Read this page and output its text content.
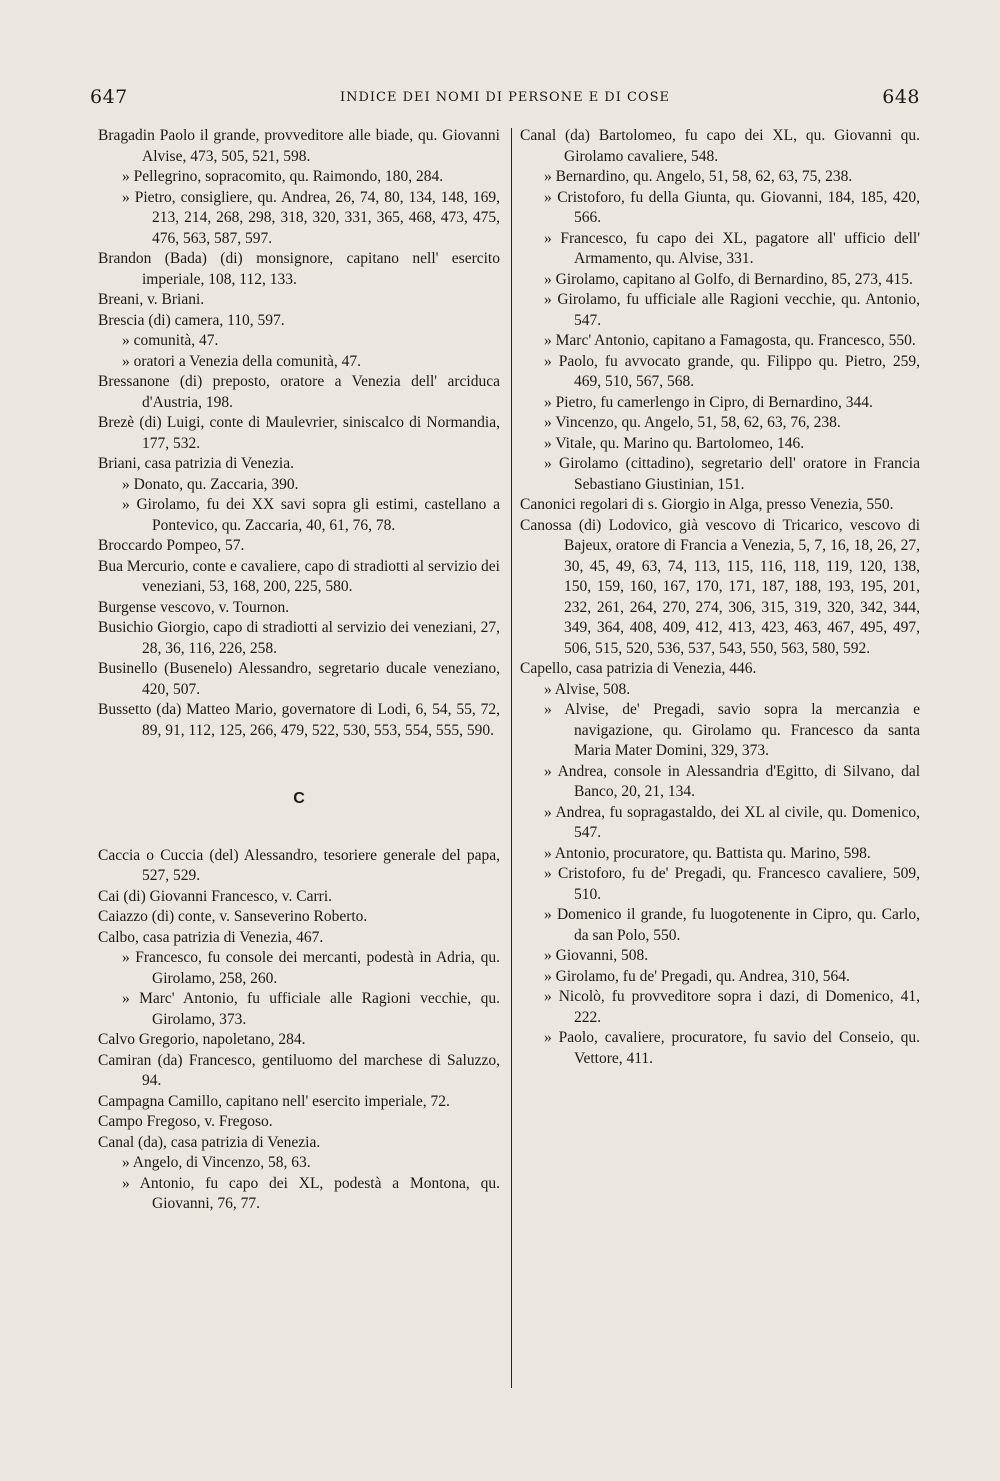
647	INDICE DEI NOMI DI PERSONE E DI COSE	648
Bragadin Paolo il grande, provveditore alle biade, qu. Giovanni Alvise, 473, 505, 521, 598.
» Pellegrino, sopracomito, qu. Raimondo, 180, 284.
» Pietro, consigliere, qu. Andrea, 26, 74, 80, 134, 148, 169, 213, 214, 268, 298, 318, 320, 331, 365, 468, 473, 475, 476, 563, 587, 597.
Brandon (Bada) (di) monsignore, capitano nell' esercito imperiale, 108, 112, 133.
Breani, v. Briani.
Brescia (di) camera, 110, 597.
» comunità, 47.
» oratori a Venezia della comunità, 47.
Bressanone (di) preposto, oratore a Venezia dell' arciduca d'Austria, 198.
Brezè (di) Luigi, conte di Maulevrier, siniscalco di Normandia, 177, 532.
Briani, casa patrizia di Venezia.
» Donato, qu. Zaccaria, 390.
» Girolamo, fu dei XX savi sopra gli estimi, castellano a Pontevico, qu. Zaccaria, 40, 61, 76, 78.
Broccardo Pompeo, 57.
Bua Mercurio, conte e cavaliere, capo di stradiotti al servizio dei veneziani, 53, 168, 200, 225, 580.
Burgense vescovo, v. Tournon.
Busichio Giorgio, capo di stradiotti al servizio dei veneziani, 27, 28, 36, 116, 226, 258.
Businello (Busenelo) Alessandro, segretario ducale veneziano, 420, 507.
Bussetto (da) Matteo Mario, governatore di Lodi, 6, 54, 55, 72, 89, 91, 112, 125, 266, 479, 522, 530, 553, 554, 555, 590.
C
Caccia o Cuccia (del) Alessandro, tesoriere generale del papa, 527, 529.
Cai (di) Giovanni Francesco, v. Carri.
Caiazzo (di) conte, v. Sanseverino Roberto.
Calbo, casa patrizia di Venezia, 467.
» Francesco, fu console dei mercanti, podestà in Adria, qu. Girolamo, 258, 260.
» Marc' Antonio, fu ufficiale alle Ragioni vecchie, qu. Girolamo, 373.
Calvo Gregorio, napoletano, 284.
Camiran (da) Francesco, gentiluomo del marchese di Saluzzo, 94.
Campagna Camillo, capitano nell' esercito imperiale, 72.
Campo Fregoso, v. Fregoso.
Canal (da), casa patrizia di Venezia.
» Angelo, di Vincenzo, 58, 63.
» Antonio, fu capo dei XL, podestà a Montona, qu. Giovanni, 76, 77.
Canal (da) Bartolomeo, fu capo dei XL, qu. Giovanni qu. Girolamo cavaliere, 548.
» Bernardino, qu. Angelo, 51, 58, 62, 63, 75, 238.
» Cristoforo, fu della Giunta, qu. Giovanni, 184, 185, 420, 566.
» Francesco, fu capo dei XL, pagatore all' ufficio dell' Armamento, qu. Alvise, 331.
» Girolamo, capitano al Golfo, di Bernardino, 85, 273, 415.
» Girolamo, fu ufficiale alle Ragioni vecchie, qu. Antonio, 547.
» Marc' Antonio, capitano a Famagosta, qu. Francesco, 550.
» Paolo, fu avvocato grande, qu. Filippo qu. Pietro, 259, 469, 510, 567, 568.
» Pietro, fu camerlengo in Cipro, di Bernardino, 344.
» Vincenzo, qu. Angelo, 51, 58, 62, 63, 76, 238.
» Vitale, qu. Marino qu. Bartolomeo, 146.
» Girolamo (cittadino), segretario dell' oratore in Francia Sebastiano Giustinian, 151.
Canonici regolari di s. Giorgio in Alga, presso Venezia, 550.
Canossa (di) Lodovico, già vescovo di Tricarico, vescovo di Bajeux, oratore di Francia a Venezia, 5, 7, 16, 18, 26, 27, 30, 45, 49, 63, 74, 113, 115, 116, 118, 119, 120, 138, 150, 159, 160, 167, 170, 171, 187, 188, 193, 195, 201, 232, 261, 264, 270, 274, 306, 315, 319, 320, 342, 344, 349, 364, 408, 409, 412, 413, 423, 463, 467, 495, 497, 506, 515, 520, 536, 537, 543, 550, 563, 580, 592.
Capello, casa patrizia di Venezia, 446.
» Alvise, 508.
» Alvise, de' Pregadi, savio sopra la mercanzia e navigazione, qu. Girolamo qu. Francesco da santa Maria Mater Domini, 329, 373.
» Andrea, console in Alessandria d'Egitto, di Silvano, dal Banco, 20, 21, 134.
» Andrea, fu sopragastaldo, dei XL al civile, qu. Domenico, 547.
» Antonio, procuratore, qu. Battista qu. Marino, 598.
» Cristoforo, fu de' Pregadi, qu. Francesco cavaliere, 509, 510.
» Domenico il grande, fu luogotenente in Cipro, qu. Carlo, da san Polo, 550.
» Giovanni, 508.
» Girolamo, fu de' Pregadi, qu. Andrea, 310, 564.
» Nicolò, fu provveditore sopra i dazi, di Domenico, 41, 222.
» Paolo, cavaliere, procuratore, fu savio del Conseio, qu. Vettore, 411.
